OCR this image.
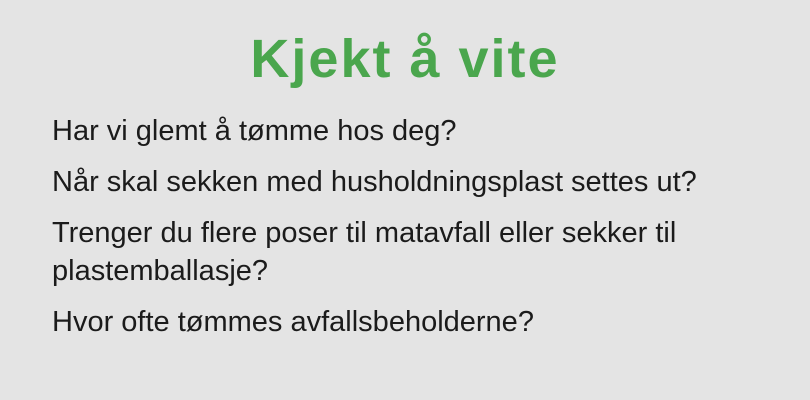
Kjekt å vite

Har vi glemt å tømme hos deg?

Når skal sekken med husholdningsplast settes ut?

Trenger du flere poser til matavfall eller sekker til plastemballasje?

Hvor ofte tømmes avfallsbeholderne?
